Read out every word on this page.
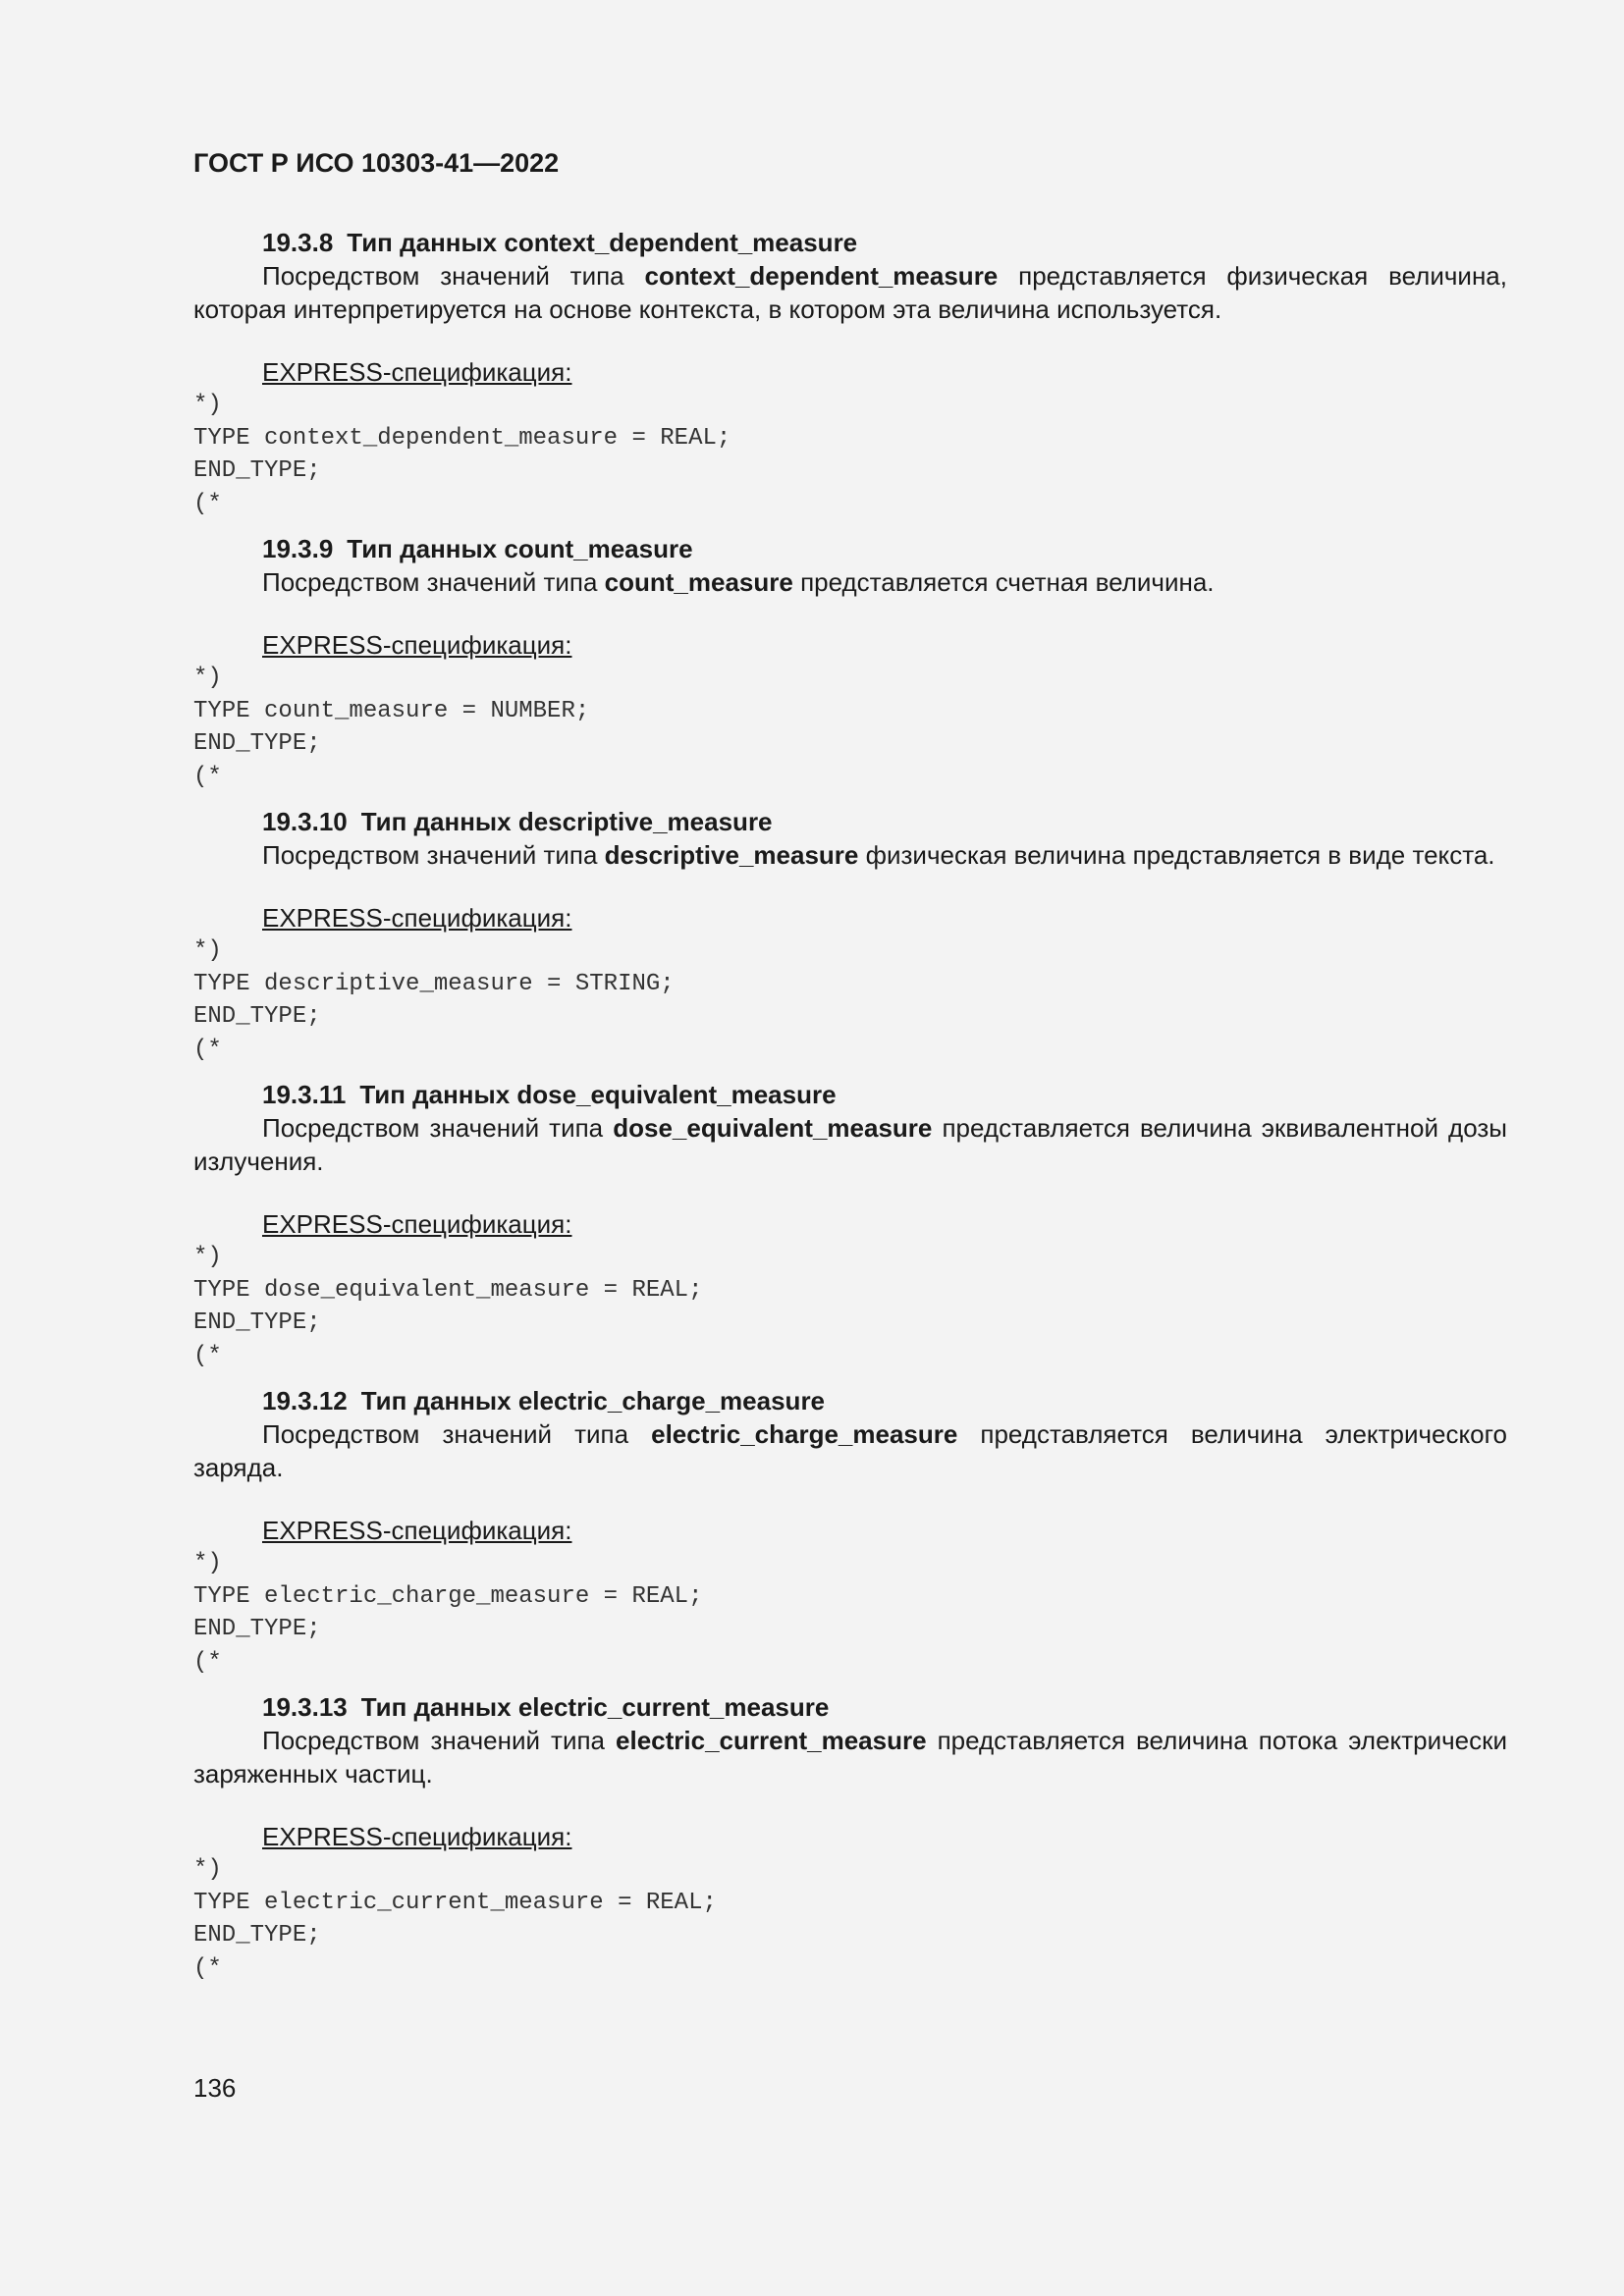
ГОСТ Р ИСО 10303-41—2022
19.3.8 Тип данных context_dependent_measure

Посредством значений типа context_dependent_measure представляется физическая величина, которая интерпретируется на основе контекста, в котором эта величина используется.

EXPRESS-спецификация:
*)
TYPE context_dependent_measure = REAL;
END_TYPE;
(*
19.3.9 Тип данных count_measure

Посредством значений типа count_measure представляется счетная величина.

EXPRESS-спецификация:
*)
TYPE count_measure = NUMBER;
END_TYPE;
(*
19.3.10 Тип данных descriptive_measure

Посредством значений типа descriptive_measure физическая величина представляется в виде текста.

EXPRESS-спецификация:
*)
TYPE descriptive_measure = STRING;
END_TYPE;
(*
19.3.11 Тип данных dose_equivalent_measure

Посредством значений типа dose_equivalent_measure представляется величина эквивалентной дозы излучения.

EXPRESS-спецификация:
*)
TYPE dose_equivalent_measure = REAL;
END_TYPE;
(*
19.3.12 Тип данных electric_charge_measure

Посредством значений типа electric_charge_measure представляется величина электрического заряда.

EXPRESS-спецификация:
*)
TYPE electric_charge_measure = REAL;
END_TYPE;
(*
19.3.13 Тип данных electric_current_measure

Посредством значений типа electric_current_measure представляется величина потока электрически заряженных частиц.

EXPRESS-спецификация:
*)
TYPE electric_current_measure = REAL;
END_TYPE;
(*
136
